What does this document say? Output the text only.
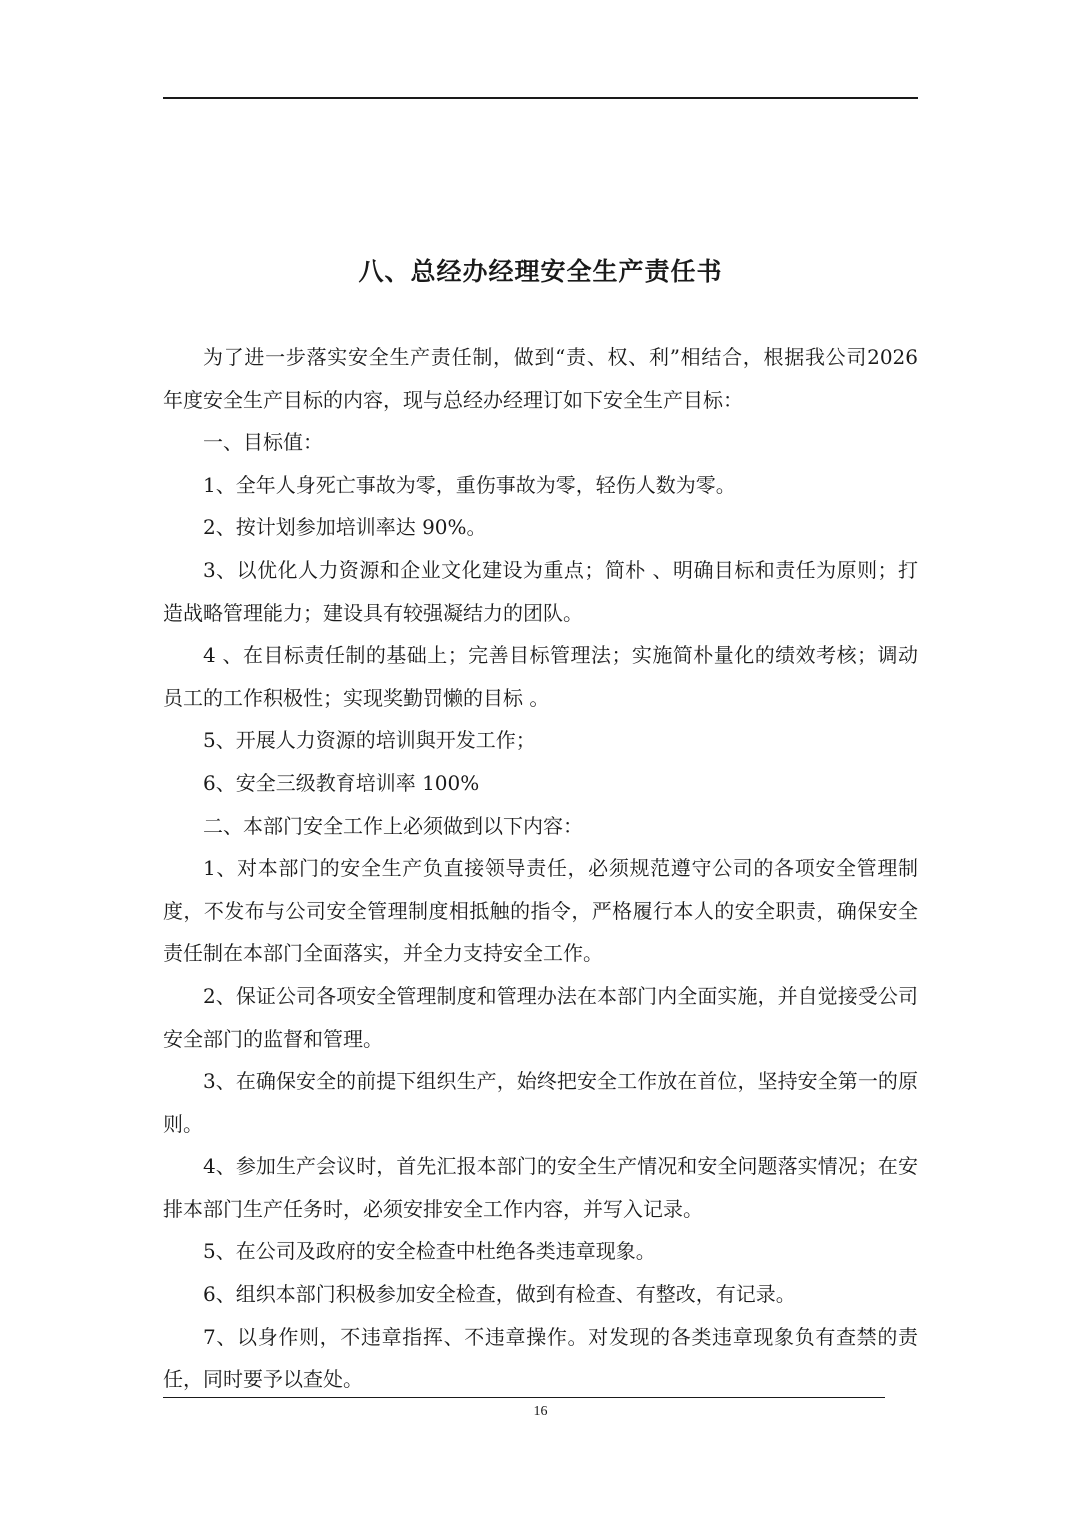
八、总经办经理安全生产责任书

为了进一步落实安全生产责任制，做到“责、权、利”相结合，根据我公司2026 年度安全生产目标的内容，现与总经办经理订如下安全生产目标：

一、目标值：

1、全年人身死亡事故为零，重伤事故为零，轻伤人数为零。

2、按计划参加培训率达 90%。

3、以优化人力资源和企业文化建设为重点；简朴 、明确目标和责任为原则；打造战略管理能力；建设具有较强凝结力的团队。

4 、在目标责任制的基础上；完善目标管理法；实施简朴量化的绩效考核；调动员工的工作积极性；实现奖勤罚懒的目标 。

5、开展人力资源的培训與开发工作；

6、安全三级教育培训率 100%

二、本部门安全工作上必须做到以下内容：

1、对本部门的安全生产负直接领导责任，必须规范遵守公司的各项安全管理制度，不发布与公司安全管理制度相抵触的指令，严格履行本人的安全职责，确保安全责任制在本部门全面落实，并全力支持安全工作。

2、保证公司各项安全管理制度和管理办法在本部门内全面实施，并自觉接受公司安全部门的监督和管理。

3、在确保安全的前提下组织生产，始终把安全工作放在首位，坚持安全第一的原则。

4、参加生产会议时，首先汇报本部门的安全生产情况和安全问题落实情况；在安排本部门生产任务时，必须安排安全工作内容，并写入记录。

5、在公司及政府的安全检查中杜绝各类违章现象。

6、组织本部门积极参加安全检查，做到有检查、有整改，有记录。

7、以身作则，不违章指挥、不违章操作。对发现的各类违章现象负有查禁的责任，同时要予以查处。

16
